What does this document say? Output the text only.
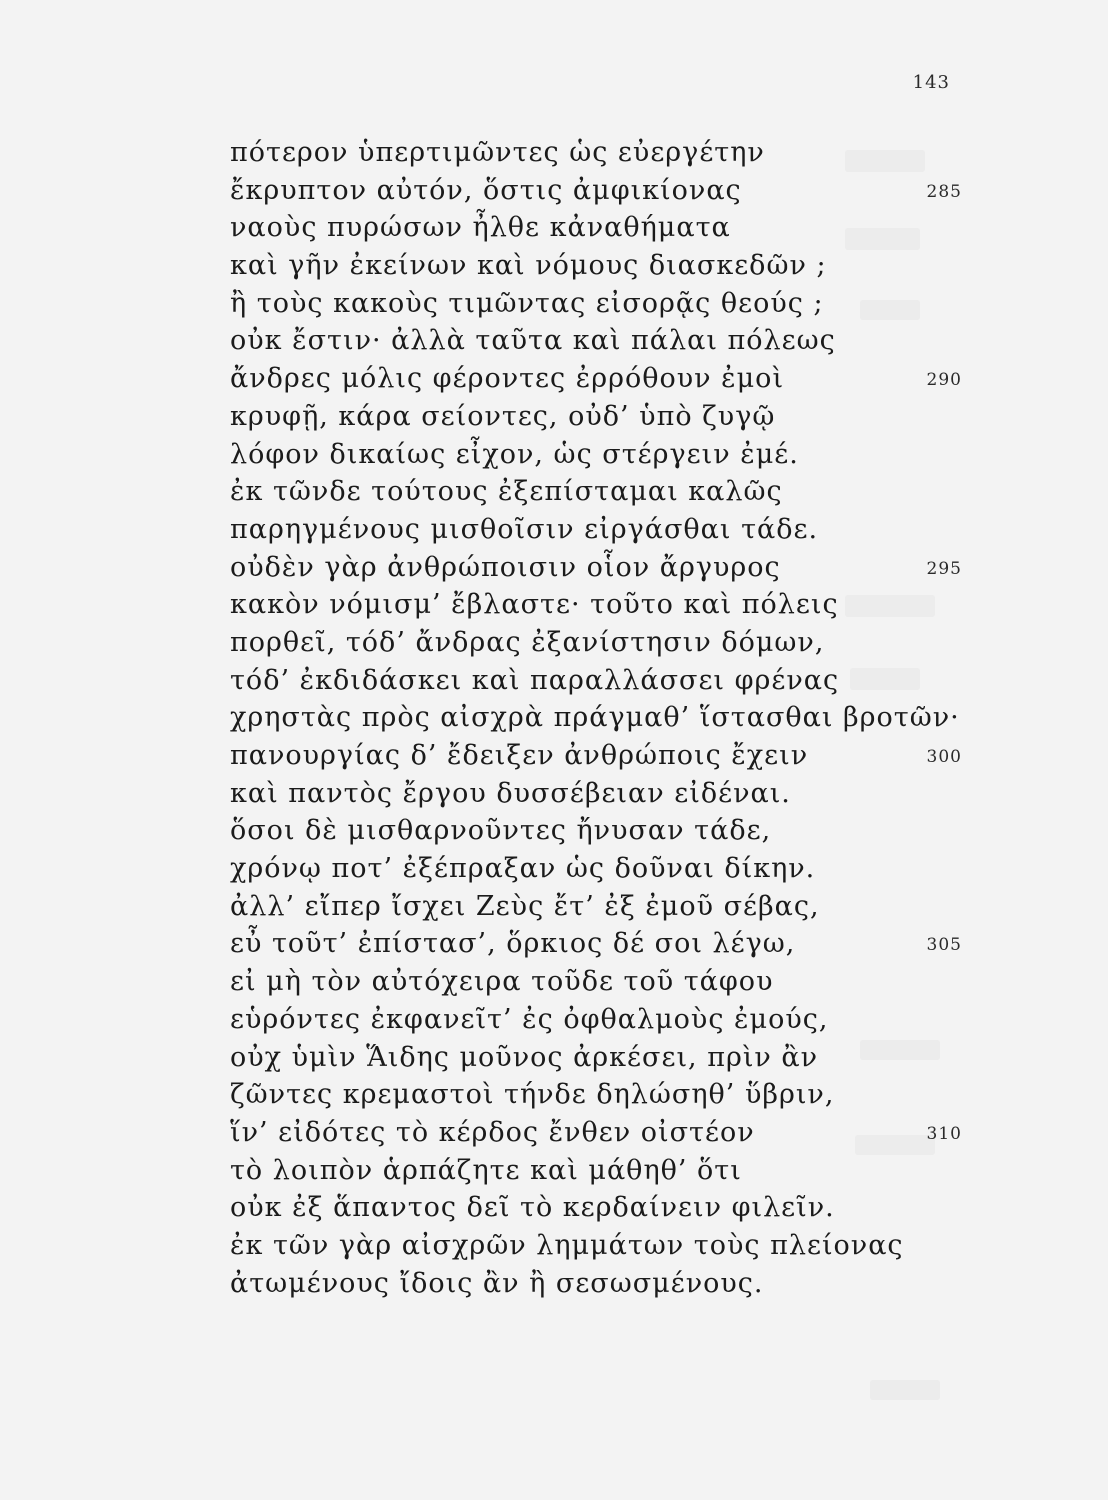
143
πότερον ὑπερτιμῶντες ὡς εὐεργέτην
ἔκρυπτον αὐτόν, ὅστις ἀμφικίονας	285
ναοὺς πυρώσων ἦλθε κἀναθήματα
καὶ γῆν ἐκείνων καὶ νόμους διασκεδῶν ;
ἢ τοὺς κακοὺς τιμῶντας εἰσορᾷς θεούς ;
οὐκ ἔστιν· ἀλλὰ ταῦτα καὶ πάλαι πόλεως
ἄνδρες μόλις φέροντες ἐρρόθουν ἐμοὶ	290
κρυφῇ, κάρα σείοντες, οὐδ’ ὑπὸ ζυγῷ
λόφον δικαίως εἶχον, ὡς στέργειν ἐμέ.
ἐκ τῶνδε τούτους ἐξεπίσταμαι καλῶς
παρηγμένους μισθοῖσιν εἰργάσθαι τάδε.
οὐδὲν γὰρ ἀνθρώποισιν οἷον ἄργυρος	295
κακὸν νόμισμ’ ἔβλαστε· τοῦτο καὶ πόλεις
πορθεῖ, τόδ’ ἄνδρας ἐξανίστησιν δόμων,
τόδ’ ἐκδιδάσκει καὶ παραλλάσσει φρένας
χρηστὰς πρὸς αἰσχρὰ πράγμαθ’ ἵστασθαι βροτῶν·
πανουργίας δ’ ἔδειξεν ἀνθρώποις ἔχειν	300
καὶ παντὸς ἔργου δυσσέβειαν εἰδέναι.
ὅσοι δὲ μισθαρνοῦντες ἤνυσαν τάδε,
χρόνῳ ποτ’ ἐξέπραξαν ὡς δοῦναι δίκην.
ἀλλ’ εἴπερ ἴσχει Ζεὺς ἔτ’ ἐξ ἐμοῦ σέβας,
εὖ τοῦτ’ ἐπίστασ’, ὅρκιος δέ σοι λέγω,	305
εἰ μὴ τὸν αὐτόχειρα τοῦδε τοῦ τάφου
εὑρόντες ἐκφανεῖτ’ ἐς ὀφθαλμοὺς ἐμούς,
οὐχ ὑμὶν Ἅιδης μοῦνος ἀρκέσει, πρὶν ἂν
ζῶντες κρεμαστοὶ τήνδε δηλώσηθ’ ὕβριν,
ἵν’ εἰδότες τὸ κέρδος ἔνθεν οἰστέον	310
τὸ λοιπὸν ἁρπάζητε καὶ μάθηθ’ ὅτι
οὐκ ἐξ ἅπαντος δεῖ τὸ κερδαίνειν φιλεῖν.
ἐκ τῶν γὰρ αἰσχρῶν λημμάτων τοὺς πλείονας
ἀτωμένους ἴδοις ἂν ἢ σεσωσμένους.
